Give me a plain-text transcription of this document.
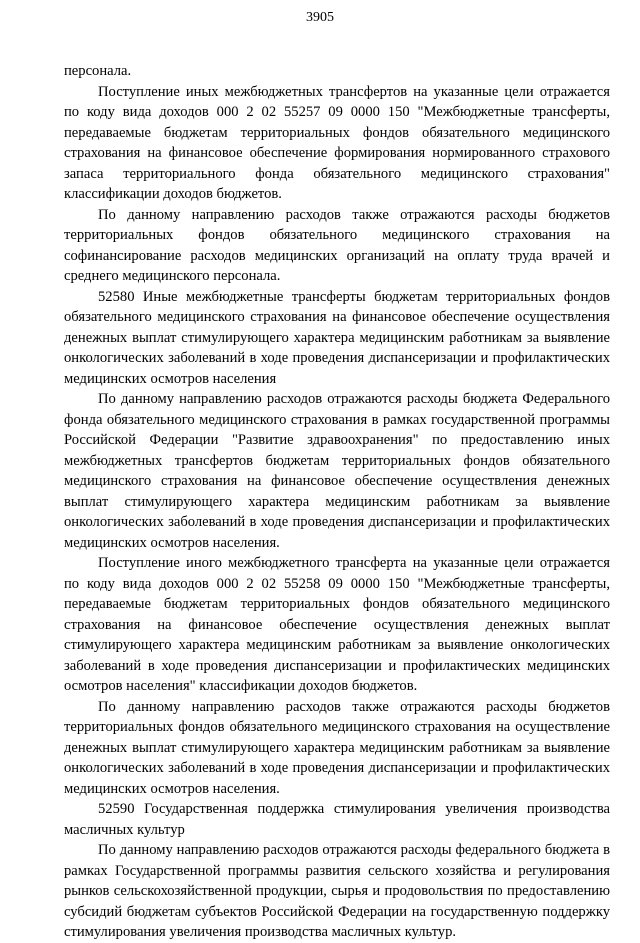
3905

персонала.

Поступление иных межбюджетных трансфертов на указанные цели отражается по коду вида доходов 000 2 02 55257 09 0000 150 "Межбюджетные трансферты, передаваемые бюджетам территориальных фондов обязательного медицинского страхования на финансовое обеспечение формирования нормированного страхового запаса территориального фонда обязательного медицинского страхования" классификации доходов бюджетов.

По данному направлению расходов также отражаются расходы бюджетов территориальных фондов обязательного медицинского страхования на софинансирование расходов медицинских организаций на оплату труда врачей и среднего медицинского персонала.

52580 Иные межбюджетные трансферты бюджетам территориальных фондов обязательного медицинского страхования на финансовое обеспечение осуществления денежных выплат стимулирующего характера медицинским работникам за выявление онкологических заболеваний в ходе проведения диспансеризации и профилактических медицинских осмотров населения

По данному направлению расходов отражаются расходы бюджета Федерального фонда обязательного медицинского страхования в рамках государственной программы Российской Федерации "Развитие здравоохранения" по предоставлению иных межбюджетных трансфертов бюджетам территориальных фондов обязательного медицинского страхования на финансовое обеспечение осуществления денежных выплат стимулирующего характера медицинским работникам за выявление онкологических заболеваний в ходе проведения диспансеризации и профилактических медицинских осмотров населения.

Поступление иного межбюджетного трансферта на указанные цели отражается по коду вида доходов 000 2 02 55258 09 0000 150 "Межбюджетные трансферты, передаваемые бюджетам территориальных фондов обязательного медицинского страхования на финансовое обеспечение осуществления денежных выплат стимулирующего характера медицинским работникам за выявление онкологических заболеваний в ходе проведения диспансеризации и профилактических медицинских осмотров населения" классификации доходов бюджетов.

По данному направлению расходов также отражаются расходы бюджетов территориальных фондов обязательного медицинского страхования на осуществление денежных выплат стимулирующего характера медицинским работникам за выявление онкологических заболеваний в ходе проведения диспансеризации и профилактических медицинских осмотров населения.

52590 Государственная поддержка стимулирования увеличения производства масличных культур

По данному направлению расходов отражаются расходы федерального бюджета в рамках Государственной программы развития сельского хозяйства и регулирования рынков сельскохозяйственной продукции, сырья и продовольствия по предоставлению субсидий бюджетам субъектов Российской Федерации на государственную поддержку стимулирования увеличения производства масличных культур.
